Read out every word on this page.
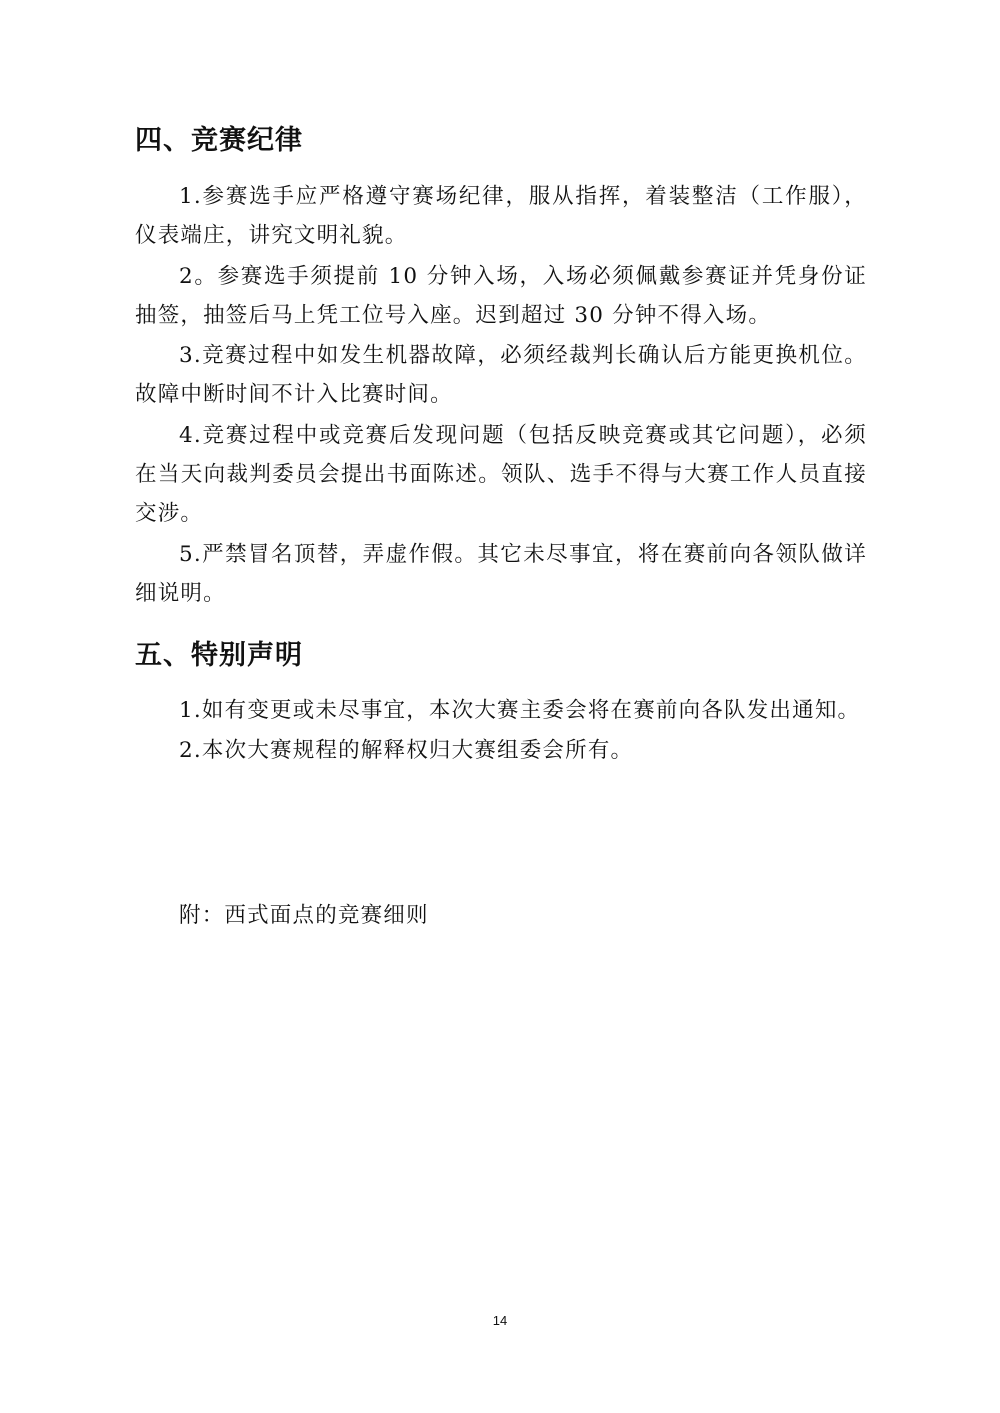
四、竞赛纪律
1.参赛选手应严格遵守赛场纪律，服从指挥，着装整洁（工作服），仪表端庄，讲究文明礼貌。
2。参赛选手须提前 10 分钟入场，入场必须佩戴参赛证并凭身份证抽签，抽签后马上凭工位号入座。迟到超过 30 分钟不得入场。
3.竞赛过程中如发生机器故障，必须经裁判长确认后方能更换机位。故障中断时间不计入比赛时间。
4.竞赛过程中或竞赛后发现问题（包括反映竞赛或其它问题），必须在当天向裁判委员会提出书面陈述。领队、选手不得与大赛工作人员直接交涉。
5.严禁冒名顶替，弄虚作假。其它未尽事宜，将在赛前向各领队做详细说明。
五、特别声明
1.如有变更或未尽事宜，本次大赛主委会将在赛前向各队发出通知。
2.本次大赛规程的解释权归大赛组委会所有。
附：西式面点的竞赛细则
14
